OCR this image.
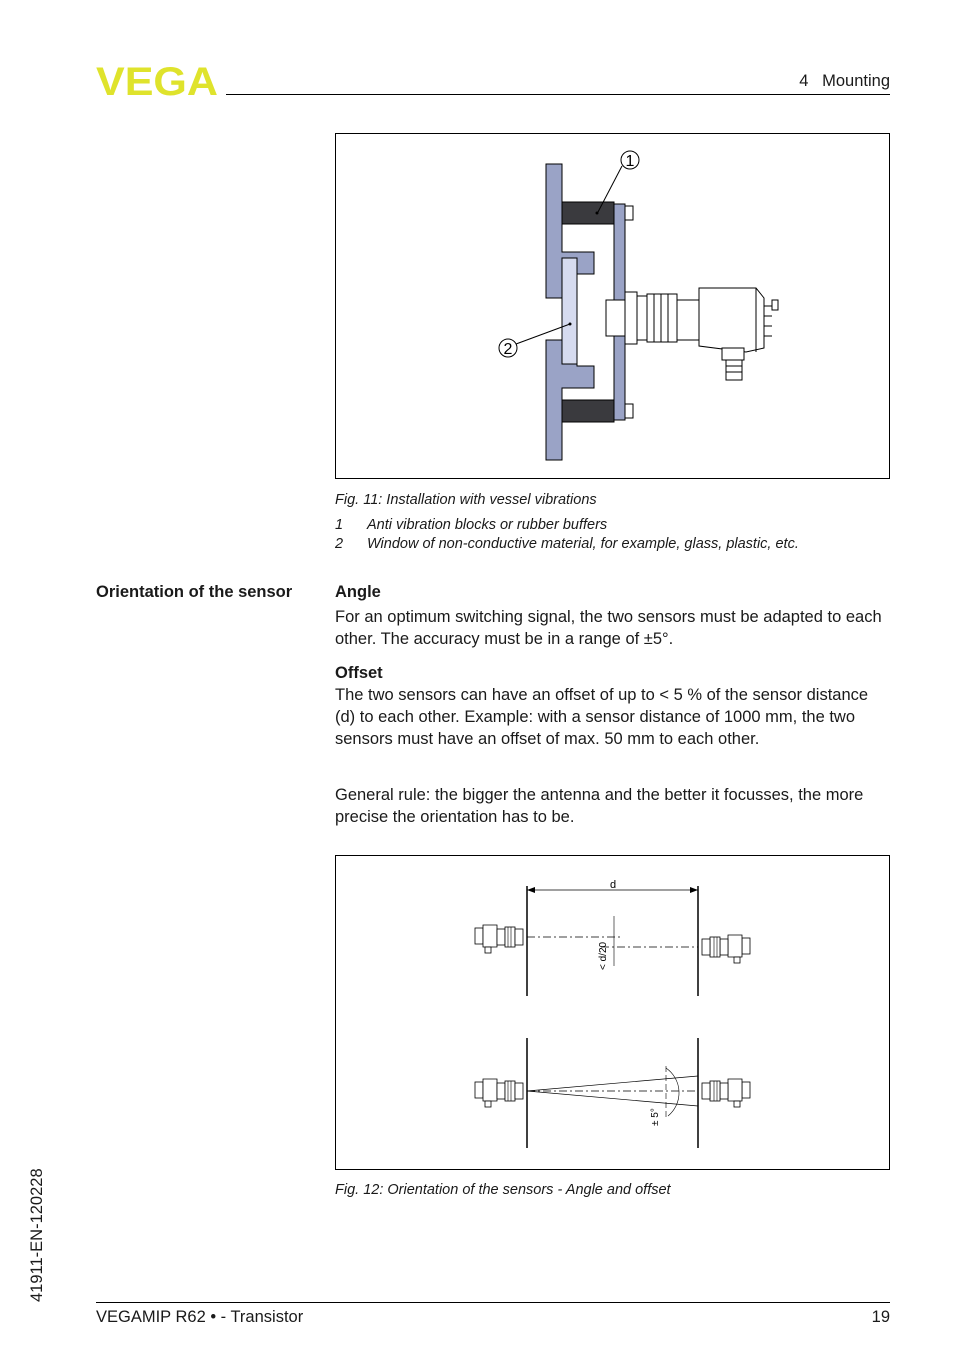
VEGA	4   Mounting
1
2
Fig. 11: Installation with vessel vibrations
1	Anti vibration blocks or rubber buffers
2	Window of non-conductive material, for example, glass, plastic, etc.
Orientation of the sensor	Angle
For an optimum switching signal, the two sensors must be adapted to each other. The accuracy must be in a range of ±5°.
Offset
The two sensors can have an offset of up to < 5 % of the sensor distance (d) to each other. Example: with a sensor distance of 1000 mm, the two sensors must have an offset of max. 50 mm to each other.
General rule: the bigger the antenna and the better it focusses, the more precise the orientation has to be.
d
< d/20
± 5°
Fig. 12: Orientation of the sensors - Angle and offset
41911-EN-120228
VEGAMIP R62 • - Transistor	19
